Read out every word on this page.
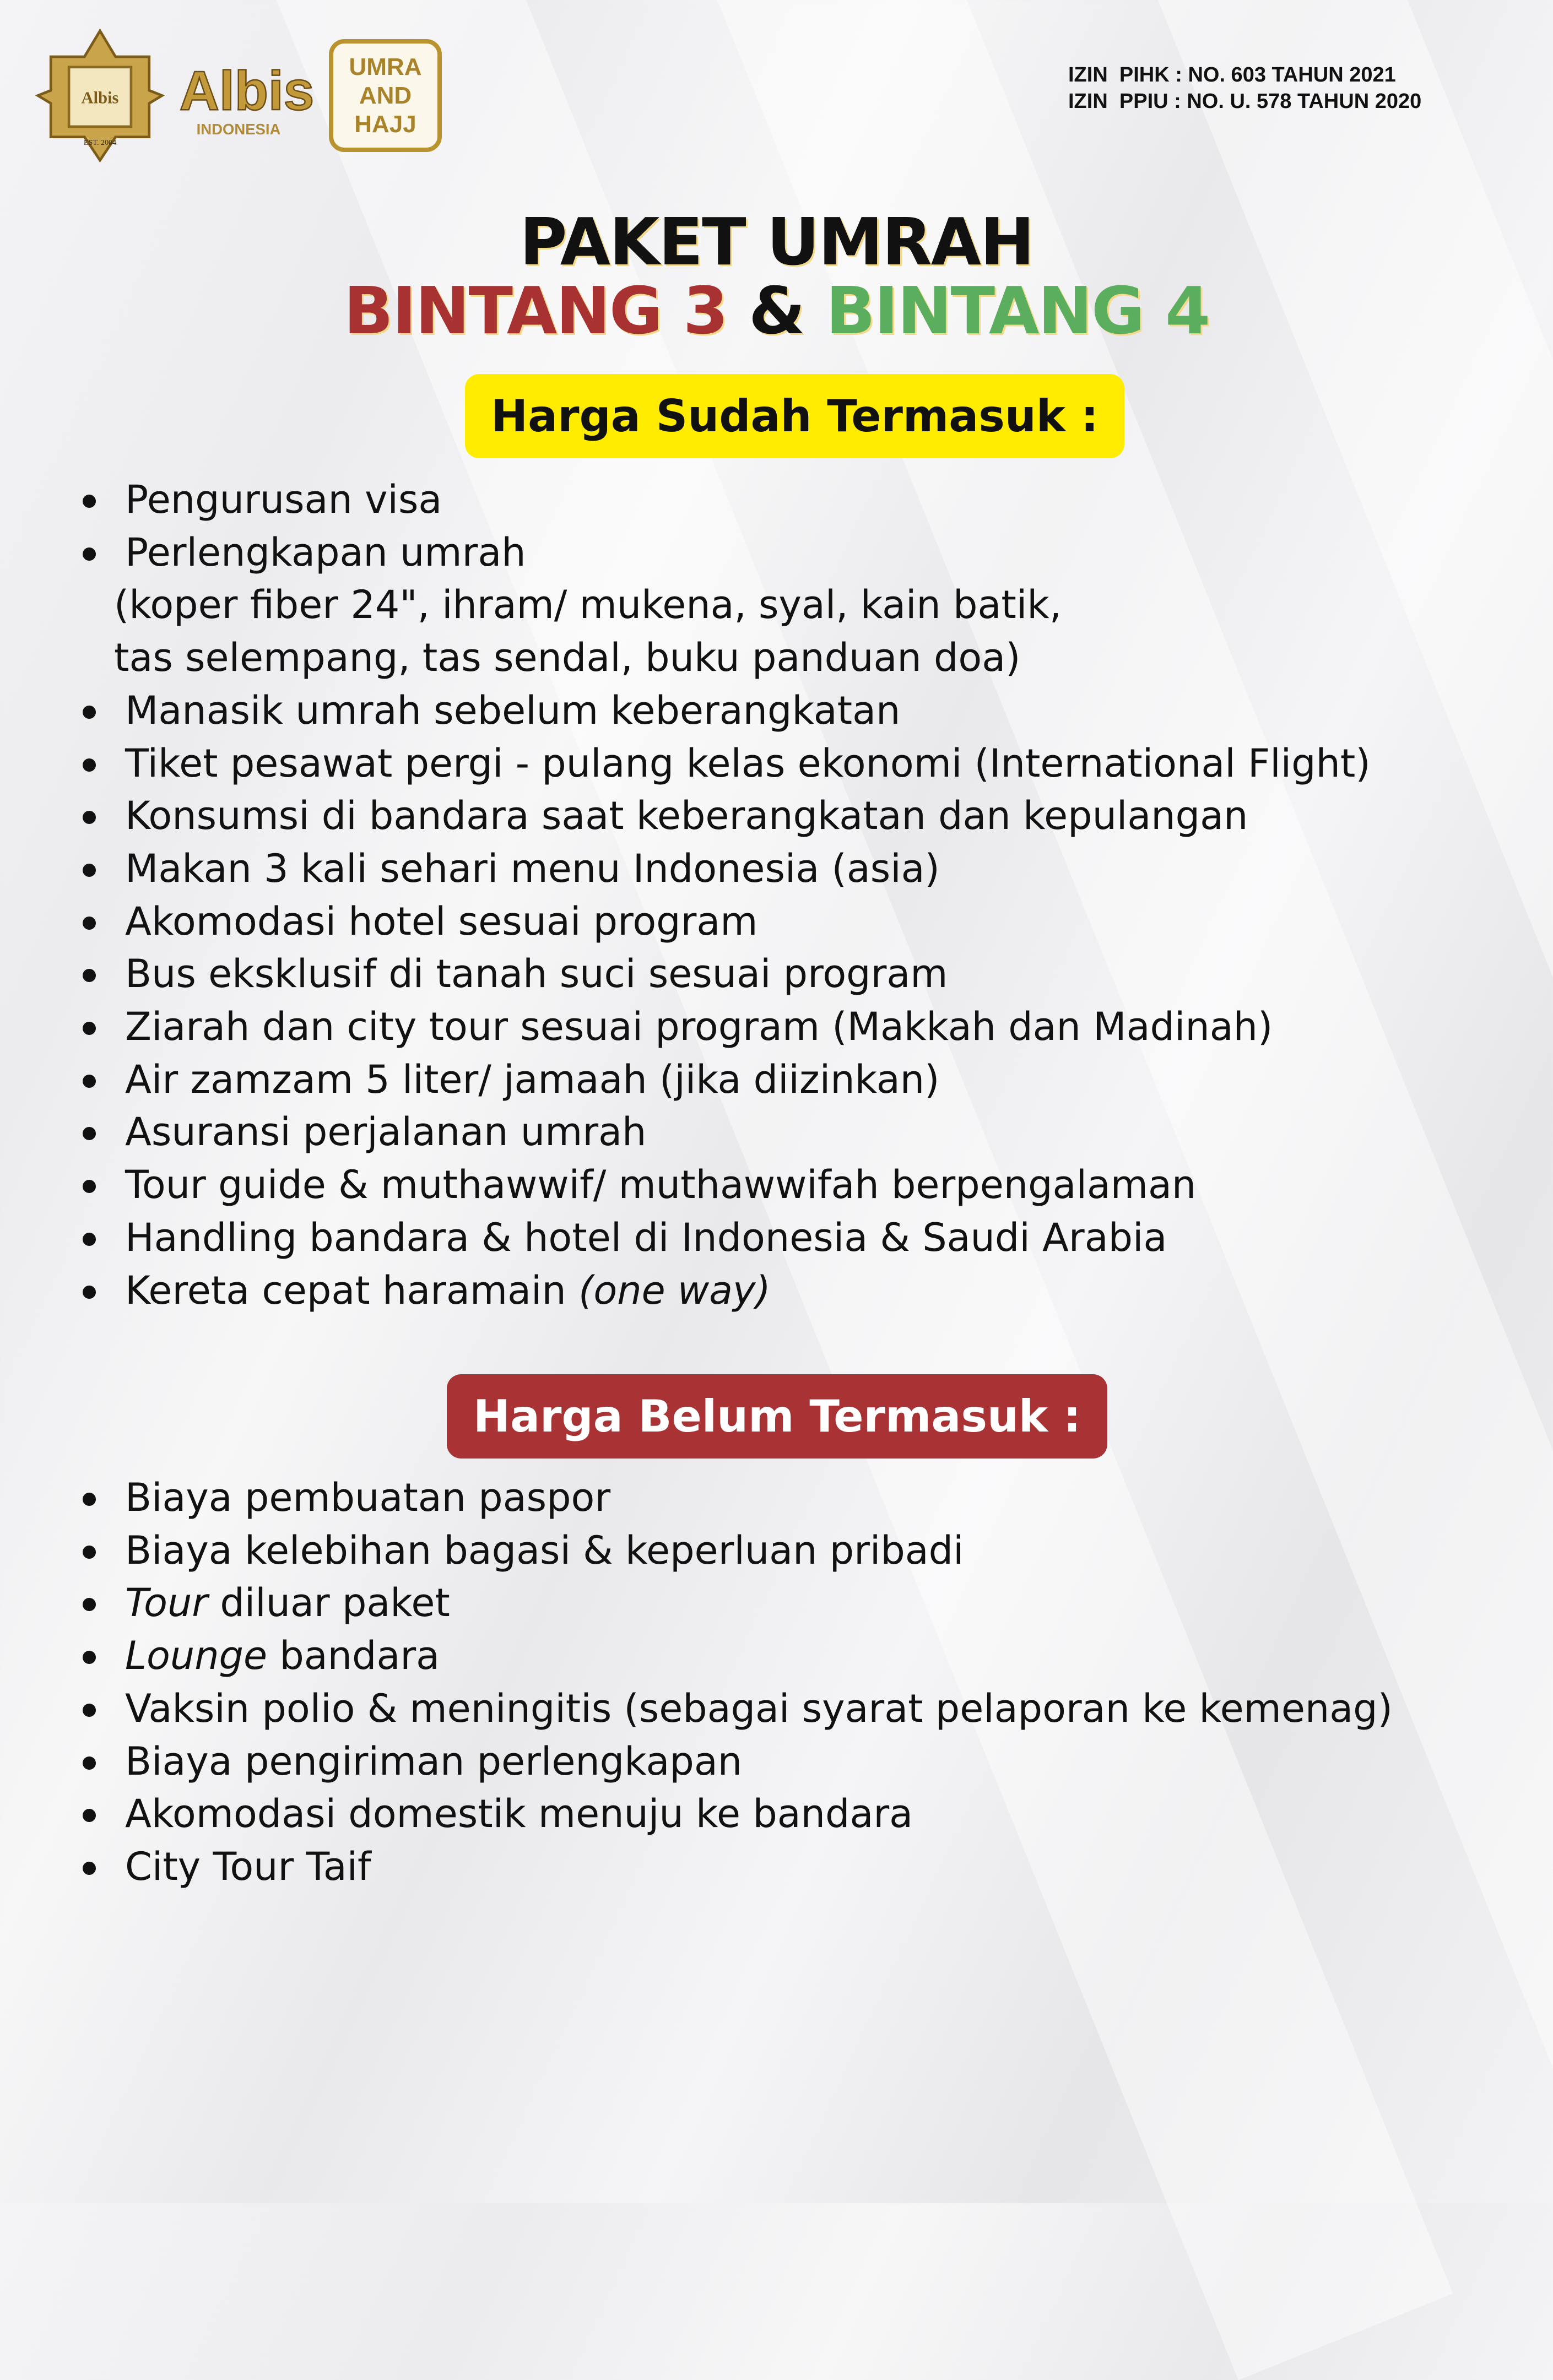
Albis
EST. 2004
Albis
INDONESIA
UMRA
AND
HAJJ
IZIN  PIHK : NO. 603 TAHUN 2021
IZIN  PPIU : NO. U. 578 TAHUN 2020
PAKET UMRAH
BINTANG 3 & BINTANG 4
Harga Sudah Termasuk :
Pengurusan visa
Perlengkapan umrah
(koper fiber 24", ihram/ mukena, syal, kain batik,
tas selempang, tas sendal, buku panduan doa)
Manasik umrah sebelum keberangkatan
Tiket pesawat pergi - pulang kelas ekonomi (International Flight)
Konsumsi di bandara saat keberangkatan dan kepulangan
Makan 3 kali sehari menu Indonesia (asia)
Akomodasi hotel sesuai program
Bus eksklusif di tanah suci sesuai program
Ziarah dan city tour sesuai program (Makkah dan Madinah)
Air zamzam 5 liter/ jamaah (jika diizinkan)
Asuransi perjalanan umrah
Tour guide & muthawwif/ muthawwifah berpengalaman
Handling bandara & hotel di Indonesia & Saudi Arabia
Kereta cepat haramain (one way)
Harga Belum Termasuk :
Biaya pembuatan paspor
Biaya kelebihan bagasi & keperluan pribadi
Tour diluar paket
Lounge bandara
Vaksin polio & meningitis (sebagai syarat pelaporan ke kemenag)
Biaya pengiriman perlengkapan
Akomodasi domestik menuju ke bandara
City Tour Taif
